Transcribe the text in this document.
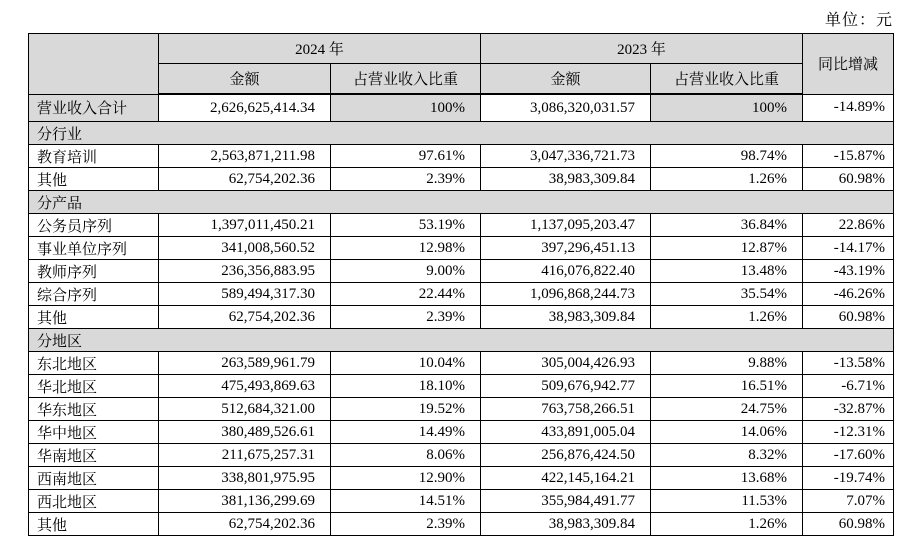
单位：元
	2024 年		2023 年		同比增减
	金额	占营业收入比重	金额	占营业收入比重	
营业收入合计	2,626,625,414.34	100%	3,086,320,031.57	100%	-14.89%
分行业					
教育培训	2,563,871,211.98	97.61%	3,047,336,721.73	98.74%	-15.87%
其他	62,754,202.36	2.39%	38,983,309.84	1.26%	60.98%
分产品					
公务员序列	1,397,011,450.21	53.19%	1,137,095,203.47	36.84%	22.86%
事业单位序列	341,008,560.52	12.98%	397,296,451.13	12.87%	-14.17%
教师序列	236,356,883.95	9.00%	416,076,822.40	13.48%	-43.19%
综合序列	589,494,317.30	22.44%	1,096,868,244.73	35.54%	-46.26%
其他	62,754,202.36	2.39%	38,983,309.84	1.26%	60.98%
分地区					
东北地区	263,589,961.79	10.04%	305,004,426.93	9.88%	-13.58%
华北地区	475,493,869.63	18.10%	509,676,942.77	16.51%	-6.71%
华东地区	512,684,321.00	19.52%	763,758,266.51	24.75%	-32.87%
华中地区	380,489,526.61	14.49%	433,891,005.04	14.06%	-12.31%
华南地区	211,675,257.31	8.06%	256,876,424.50	8.32%	-17.60%
西南地区	338,801,975.95	12.90%	422,145,164.21	13.68%	-19.74%
西北地区	381,136,299.69	14.51%	355,984,491.77	11.53%	7.07%
其他	62,754,202.36	2.39%	38,983,309.84	1.26%	60.98%
